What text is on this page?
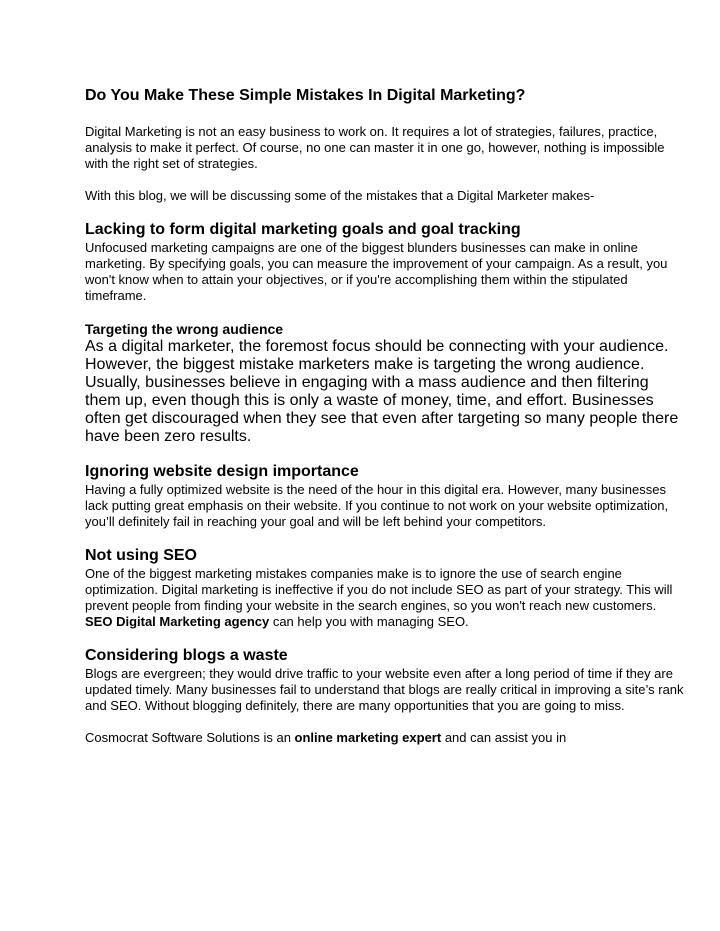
Do You Make These Simple Mistakes In Digital Marketing?

Digital Marketing is not an easy business to work on. It requires a lot of strategies, failures, practice, analysis to make it perfect. Of course, no one can master it in one go, however, nothing is impossible with the right set of strategies.

With this blog, we will be discussing some of the mistakes that a Digital Marketer makes-

Lacking to form digital marketing goals and goal tracking

Unfocused marketing campaigns are one of the biggest blunders businesses can make in online marketing. By specifying goals, you can measure the improvement of your campaign. As a result, you won't know when to attain your objectives, or if you're accomplishing them within the stipulated timeframe.

Targeting the wrong audience

As a digital marketer, the foremost focus should be connecting with your audience. However, the biggest mistake marketers make is targeting the wrong audience. Usually, businesses believe in engaging with a mass audience and then filtering them up, even though this is only a waste of money, time, and effort. Businesses often get discouraged when they see that even after targeting so many people there have been zero results.

Ignoring website design importance

Having a fully optimized website is the need of the hour in this digital era. However, many businesses lack putting great emphasis on their website. If you continue to not work on your website optimization, you’ll definitely fail in reaching your goal and will be left behind your competitors.

Not using SEO

One of the biggest marketing mistakes companies make is to ignore the use of search engine optimization. Digital marketing is ineffective if you do not include SEO as part of your strategy. This will prevent people from finding your website in the search engines, so you won't reach new customers. SEO Digital Marketing agency can help you with managing SEO.

Considering blogs a waste

Blogs are evergreen; they would drive traffic to your website even after a long period of time if they are updated timely. Many businesses fail to understand that blogs are really critical in improving a site’s rank and SEO. Without blogging definitely, there are many opportunities that you are going to miss.

Cosmocrat Software Solutions is an online marketing expert and can assist you in
